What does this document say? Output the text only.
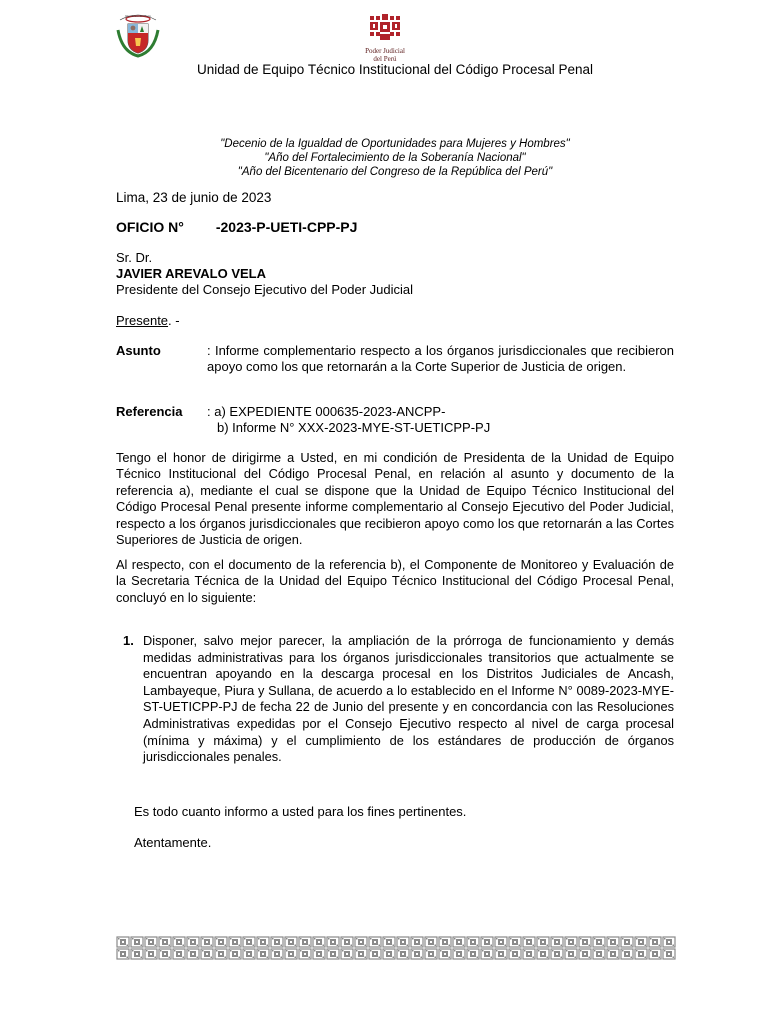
República del Perú
Poder Judicial
del Perú
Unidad de Equipo Técnico Institucional del Código Procesal Penal
"Decenio de la Igualdad de Oportunidades para Mujeres y Hombres"
"Año del Fortalecimiento de la Soberanía Nacional"
"Año del Bicentenario del Congreso de la República del Perú"
Lima, 23 de junio de 2023
OFICIO N° -2023-P-UETI-CPP-PJ
Sr. Dr.
JAVIER AREVALO VELA
Presidente del Consejo Ejecutivo del Poder Judicial
Presente. -
Asunto	: Informe complementario respecto a los órganos jurisdiccionales que recibieron apoyo como los que retornarán a la Corte Superior de Justicia de origen.
Referencia : a) EXPEDIENTE 000635-2023-ANCPP-
b) Informe N° XXX-2023-MYE-ST-UETICPP-PJ
Tengo el honor de dirigirme a Usted, en mi condición de Presidenta de la Unidad de Equipo Técnico Institucional del Código Procesal Penal, en relación al asunto y documento de la referencia a), mediante el cual se dispone que la Unidad de Equipo Técnico Institucional del Código Procesal Penal presente informe complementario al Consejo Ejecutivo del Poder Judicial, respecto a los órganos jurisdiccionales que recibieron apoyo como los que retornarán a las Cortes Superiores de Justicia de origen.
Al respecto, con el documento de la referencia b), el Componente de Monitoreo y Evaluación de la Secretaria Técnica de la Unidad del Equipo Técnico Institucional del Código Procesal Penal, concluyó en lo siguiente:
1. Disponer, salvo mejor parecer, la ampliación de la prórroga de funcionamiento y demás medidas administrativas para los órganos jurisdiccionales transitorios que actualmente se encuentran apoyando en la descarga procesal en los Distritos Judiciales de Ancash, Lambayeque, Piura y Sullana, de acuerdo a lo establecido en el Informe N° 0089-2023-MYE-ST-UETICPP-PJ de fecha 22 de Junio del presente y en concordancia con las Resoluciones Administrativas expedidas por el Consejo Ejecutivo respecto al nivel de carga procesal (mínima y máxima) y el cumplimiento de los estándares de producción de órganos jurisdiccionales penales.
Es todo cuanto informo a usted para los fines pertinentes.
Atentamente.
